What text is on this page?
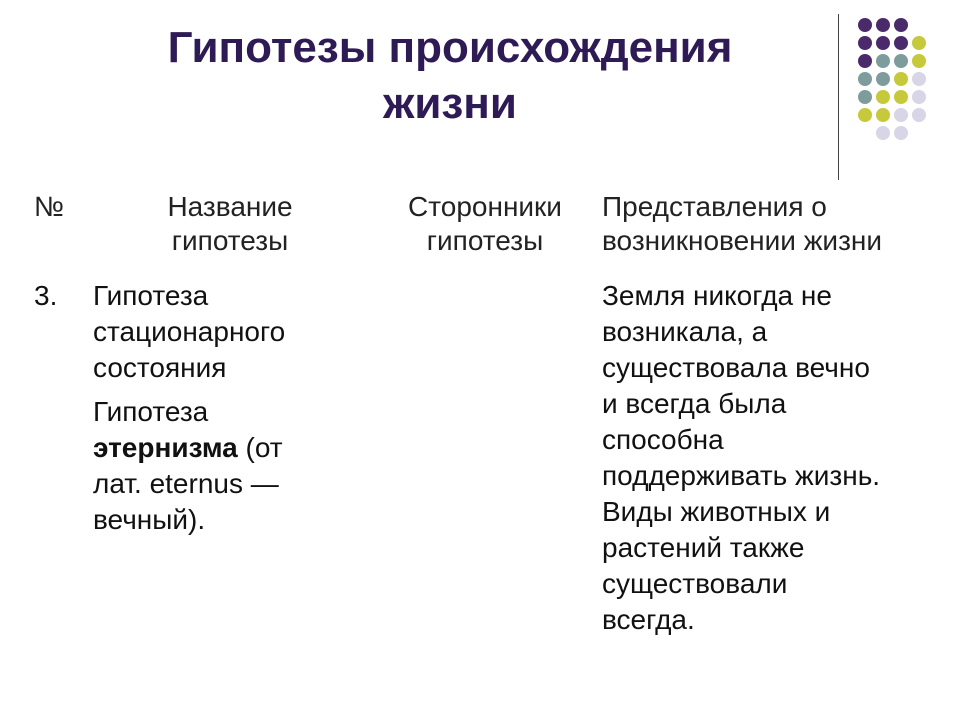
Гипотезы происхождения
жизни
№	Название
гипотезы
Сторонники
гипотезы
Представления о
возникновении жизни
3. Гипотеза
стационарного
состояния
Гипотеза
этернизма (от
лат. eternus —
вечный).
Земля никогда не
возникала, а
существовала вечно
и всегда была
способна
поддерживать жизнь.
Виды животных и
растений также
существовали
всегда.
